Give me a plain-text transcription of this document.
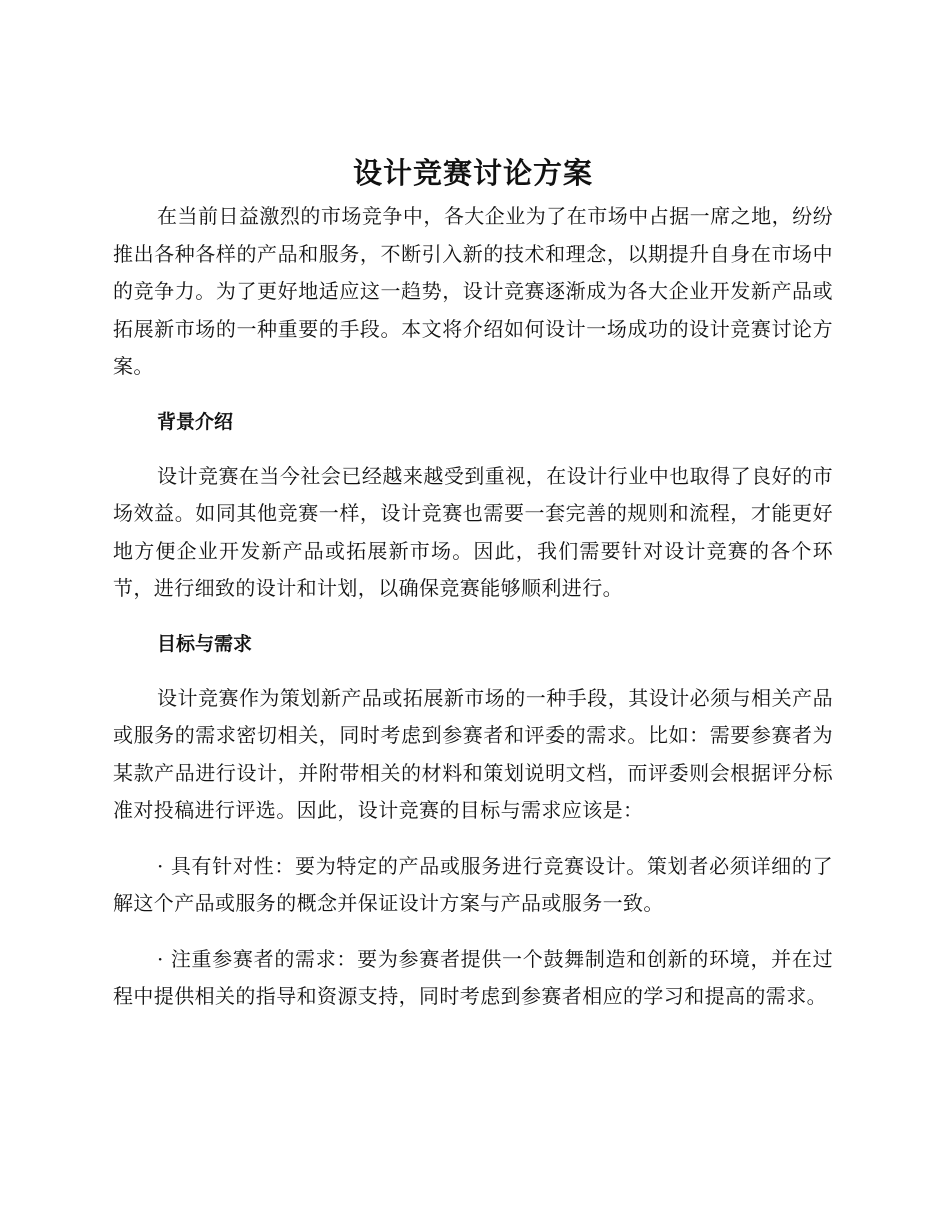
设计竞赛讨论方案

在当前日益激烈的市场竞争中，各大企业为了在市场中占据一席之地，纷纷推出各种各样的产品和服务，不断引入新的技术和理念，以期提升自身在市场中的竞争力。为了更好地适应这一趋势，设计竞赛逐渐成为各大企业开发新产品或拓展新市场的一种重要的手段。本文将介绍如何设计一场成功的设计竞赛讨论方案。

背景介绍

设计竞赛在当今社会已经越来越受到重视，在设计行业中也取得了良好的市场效益。如同其他竞赛一样，设计竞赛也需要一套完善的规则和流程，才能更好地方便企业开发新产品或拓展新市场。因此，我们需要针对设计竞赛的各个环节，进行细致的设计和计划，以确保竞赛能够顺利进行。

目标与需求

设计竞赛作为策划新产品或拓展新市场的一种手段，其设计必须与相关产品或服务的需求密切相关，同时考虑到参赛者和评委的需求。比如：需要参赛者为某款产品进行设计，并附带相关的材料和策划说明文档，而评委则会根据评分标准对投稿进行评选。因此，设计竞赛的目标与需求应该是：

· 具有针对性：要为特定的产品或服务进行竞赛设计。策划者必须详细的了解这个产品或服务的概念并保证设计方案与产品或服务一致。

· 注重参赛者的需求：要为参赛者提供一个鼓舞制造和创新的环境，并在过程中提供相关的指导和资源支持，同时考虑到参赛者相应的学习和提高的需求。
